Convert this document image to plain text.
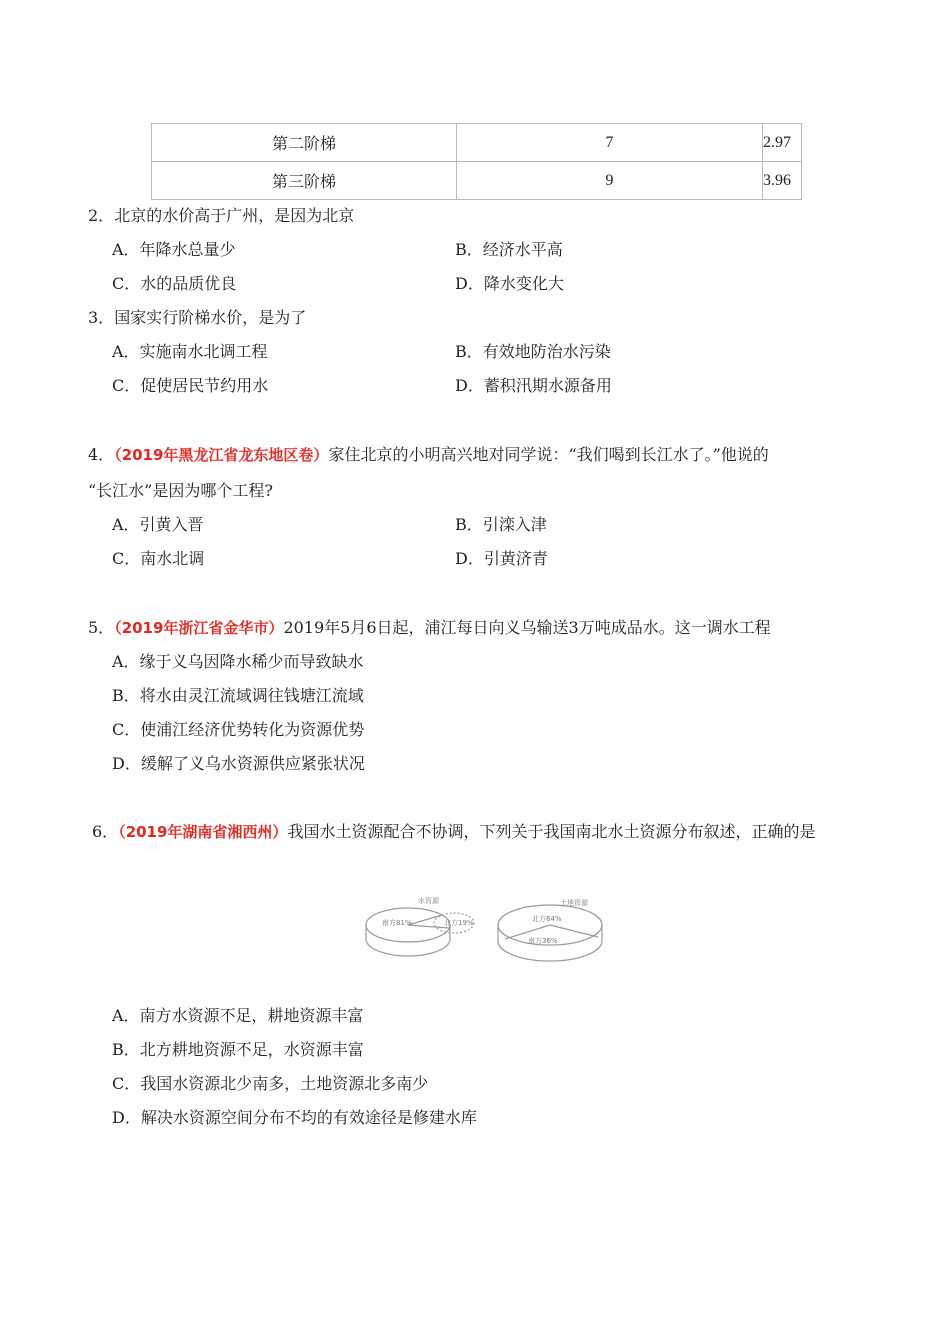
第二阶梯	7	2.97
第三阶梯	9	3.96
2．北京的水价高于广州，是因为北京
A．年降水总量少	B．经济水平高
C．水的品质优良	D．降水变化大
3．国家实行阶梯水价，是为了
A．实施南水北调工程	B．有效地防治水污染
C．促使居民节约用水	D．蓄积汛期水源备用
4．（2019年黑龙江省龙东地区卷）家住北京的小明高兴地对同学说：“我们喝到长江水了。”他说的
“长江水”是因为哪个工程?
A．引黄入晋	B．引滦入津
C．南水北调	D．引黄济青
5．（2019年浙江省金华市）2019年5月6日起，浦江每日向义乌输送3万吨成品水。这一调水工程
A．缘于义乌因降水稀少而导致缺水
B．将水由灵江流域调往钱塘江流域
C．使浦江经济优势转化为资源优势
D．缓解了义乌水资源供应紧张状况
6．（2019年湖南省湘西州）我国水土资源配合不协调，下列关于我国南北水土资源分布叙述，正确的是
水资源
南方81%	北方19%
土地资源
北方64%
南方36%
A．南方水资源不足，耕地资源丰富
B．北方耕地资源不足，水资源丰富
C．我国水资源北少南多，土地资源北多南少
D．解决水资源空间分布不均的有效途径是修建水库
